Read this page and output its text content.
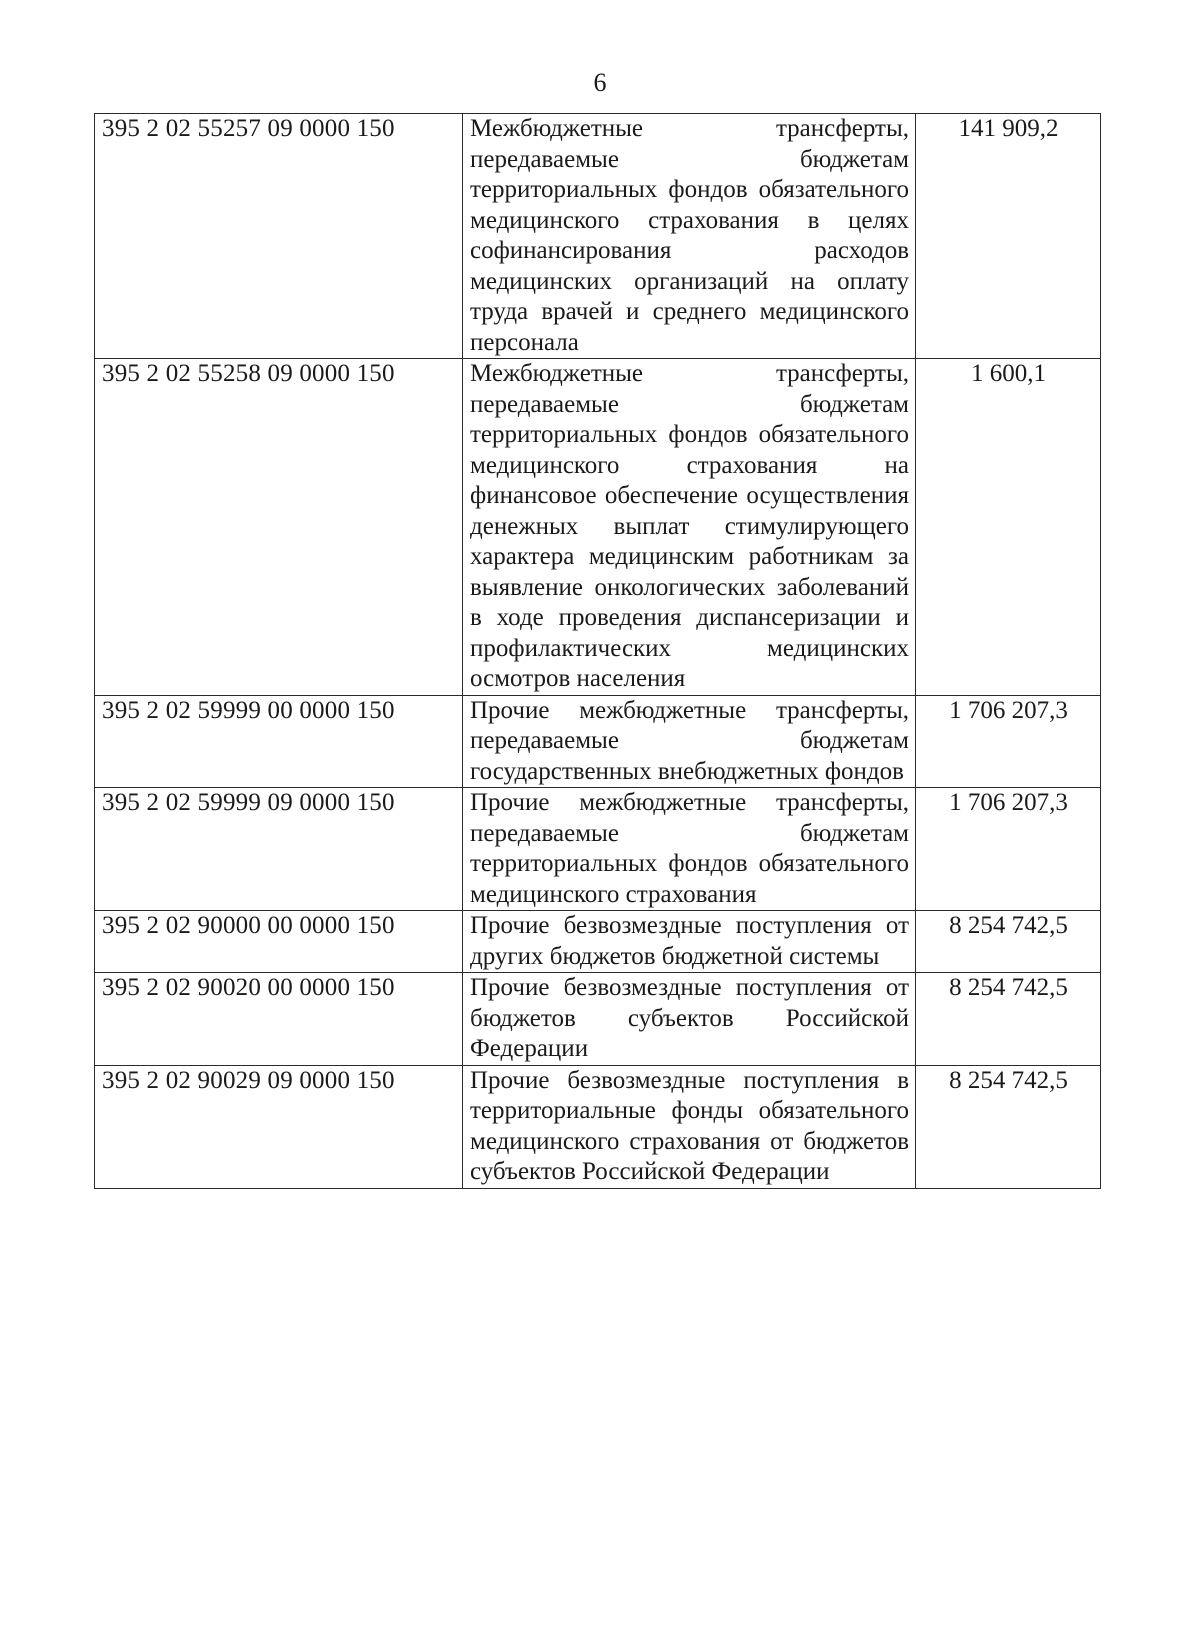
6
395 2 02 55257 09 0000 150	Межбюджетные трансферты, передаваемые бюджетам территориальных фондов обязательного медицинского страхования в целях софинансирования расходов медицинских организаций на оплату труда врачей и среднего медицинского персонала	141 909,2
395 2 02 55258 09 0000 150	Межбюджетные трансферты, передаваемые бюджетам территориальных фондов обязательного медицинского страхования на финансовое обеспечение осуществления денежных выплат стимулирующего характера медицинским работникам за выявление онкологических заболеваний в ходе проведения диспансеризации и профилактических медицинских осмотров населения	1 600,1
395 2 02 59999 00 0000 150	Прочие межбюджетные трансферты, передаваемые бюджетам государственных внебюджетных фондов	1 706 207,3
395 2 02 59999 09 0000 150	Прочие межбюджетные трансферты, передаваемые бюджетам территориальных фондов обязательного медицинского страхования	1 706 207,3
395 2 02 90000 00 0000 150	Прочие безвозмездные поступления от других бюджетов бюджетной системы	8 254 742,5
395 2 02 90020 00 0000 150	Прочие безвозмездные поступления от бюджетов субъектов Российской Федерации	8 254 742,5
395 2 02 90029 09 0000 150	Прочие безвозмездные поступления в территориальные фонды обязательного медицинского страхования от бюджетов субъектов Российской Федерации	8 254 742,5
